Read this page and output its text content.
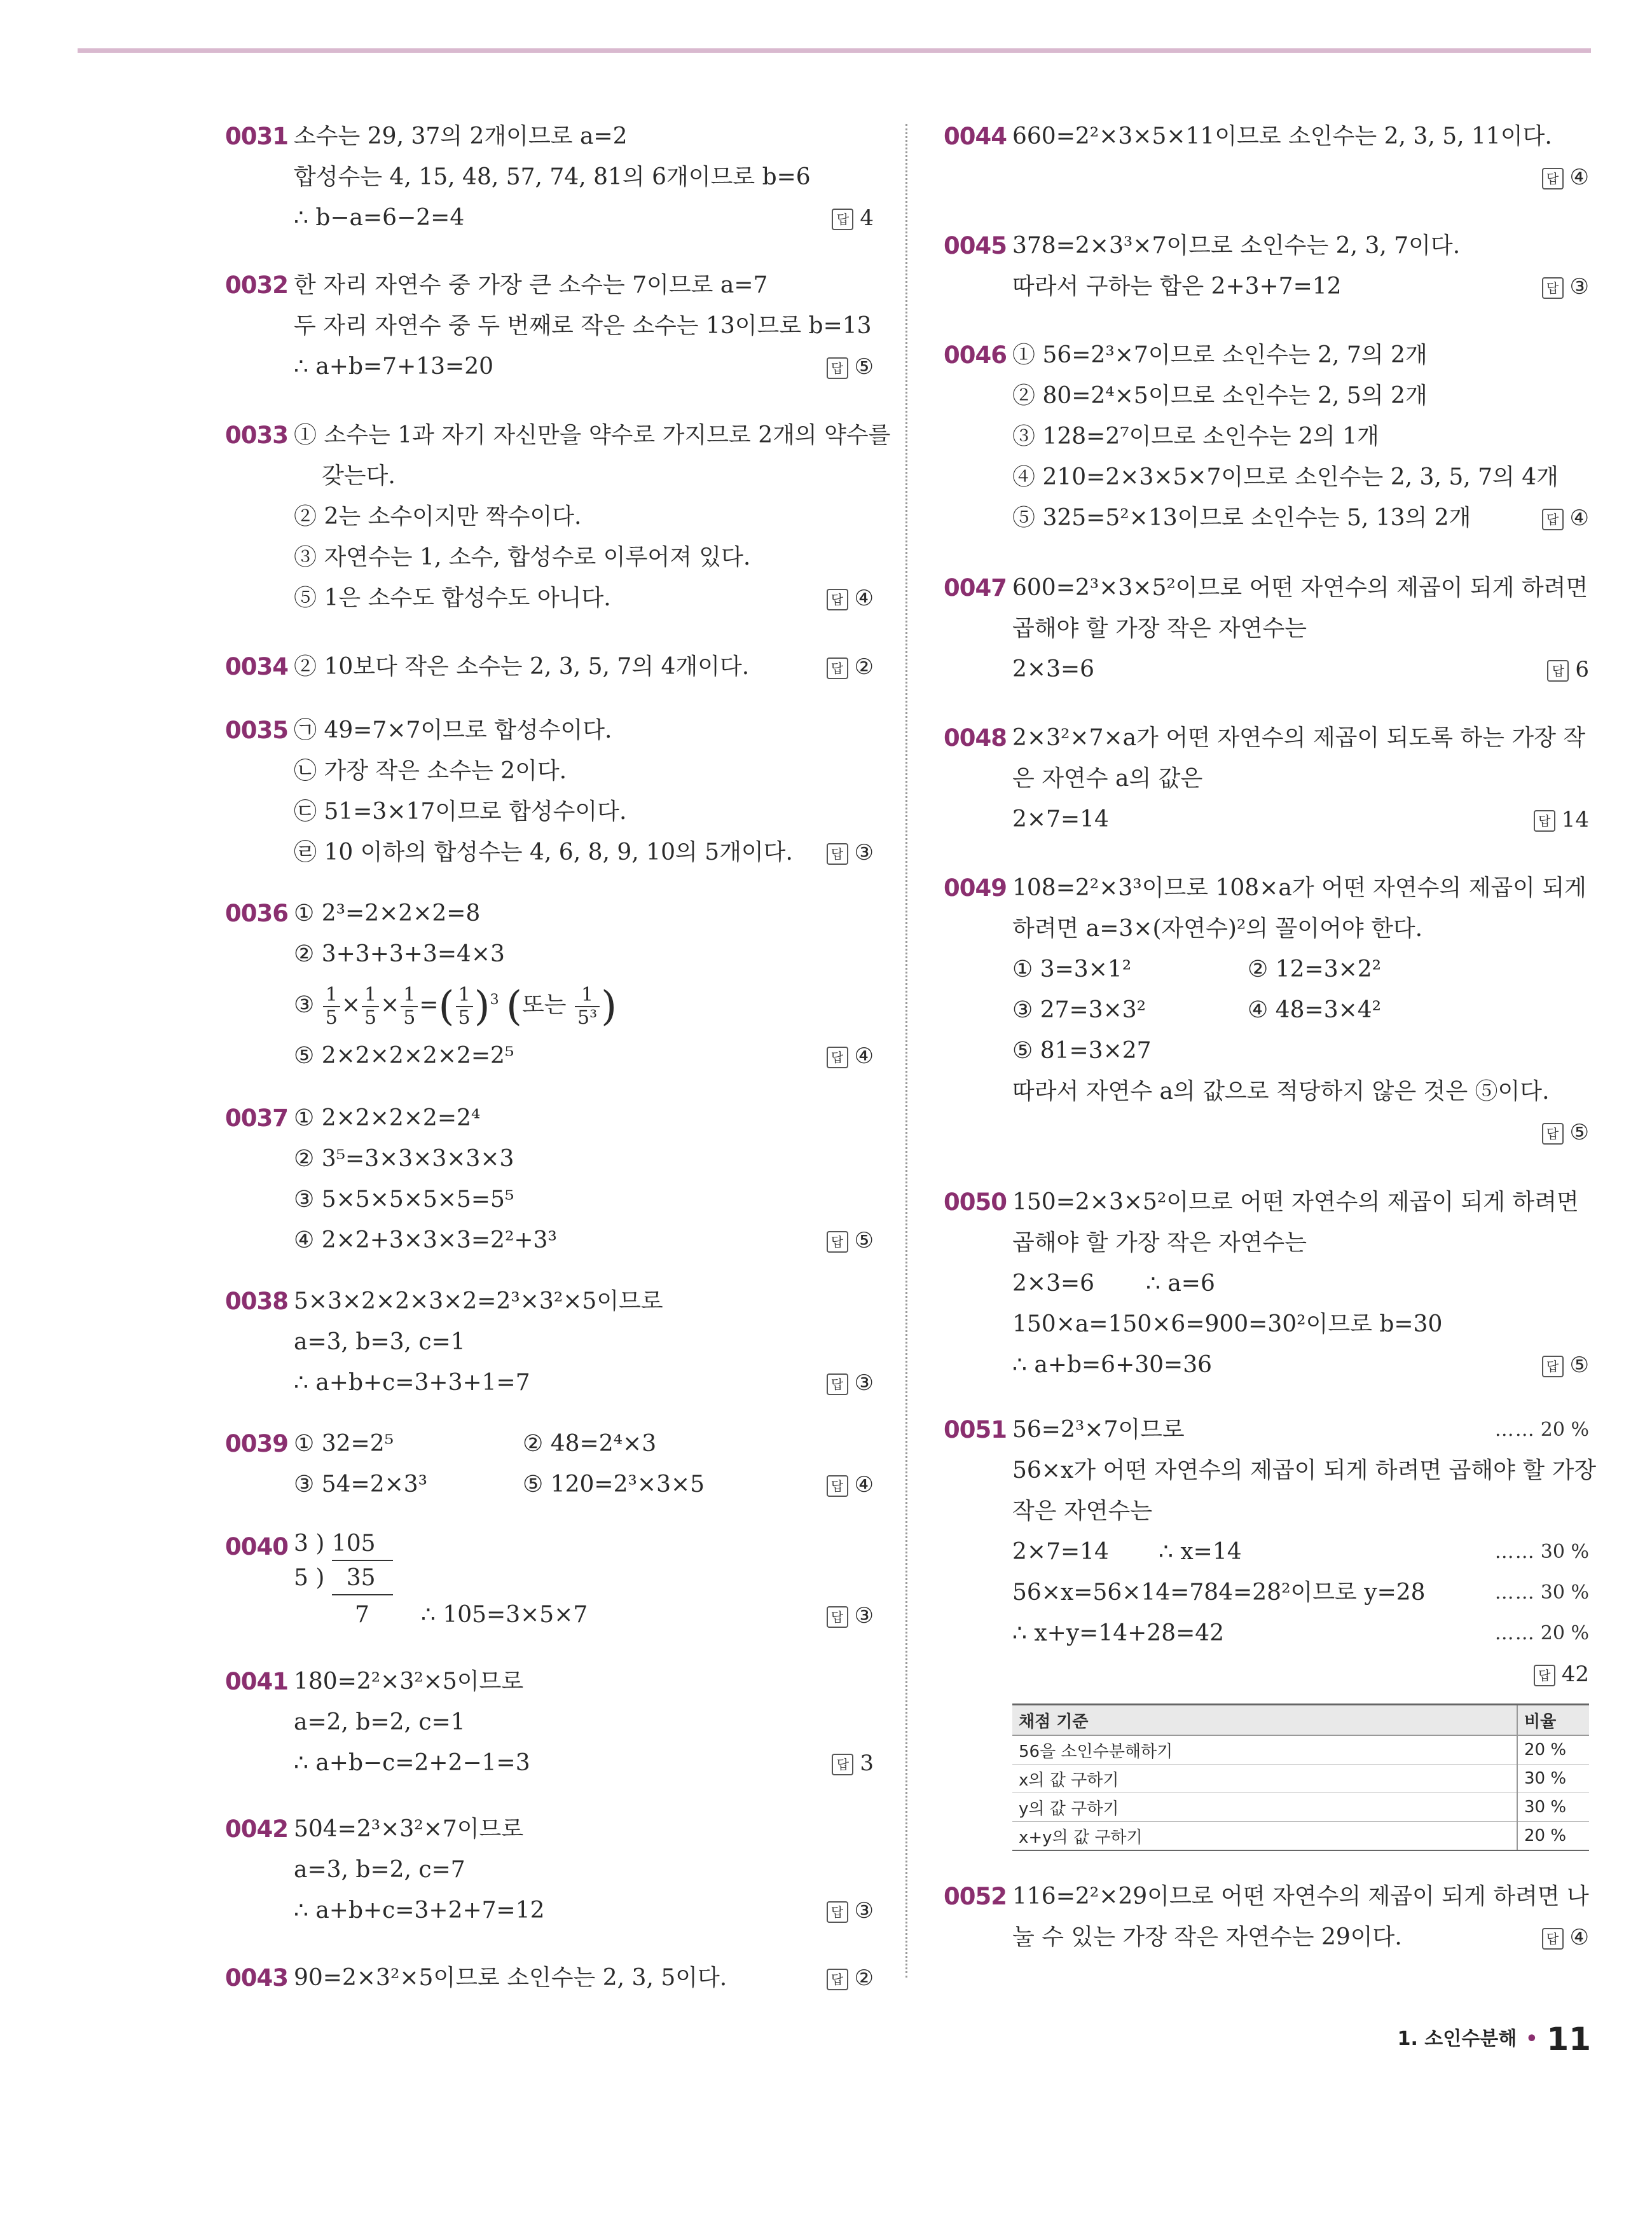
0031 소수는 29, 37의 2개이므로 a=2
합성수는 4, 15, 48, 57, 74, 81의 6개이므로 b=6
∴ b−a=6−2=4	답 4
0032 한 자리 자연수 중 가장 큰 소수는 7이므로 a=7
두 자리 자연수 중 두 번째로 작은 소수는 13이므로 b=13
∴ a+b=7+13=20	답 ⑤
0033 ① 소수는 1과 자기 자신만을 약수로 가지므로 2개의 약수를
갖는다.
② 2는 소수이지만 짝수이다.
③ 자연수는 1, 소수, 합성수로 이루어져 있다.
⑤ 1은 소수도 합성수도 아니다.	답 ④
0034 ② 10보다 작은 소수는 2, 3, 5, 7의 4개이다.	답 ②
0035 ㉠ 49=7×7이므로 합성수이다.
㉡ 가장 작은 소수는 2이다.
㉢ 51=3×17이므로 합성수이다.
㉣ 10 이하의 합성수는 4, 6, 8, 9, 10의 5개이다.	답 ③
0036 ① 2³=2×2×2=8
② 3+3+3+3=4×3
③ $\frac{1}{5} \times \frac{1}{5} \times \frac{1}{5}$ =( $\frac{1}{5} )^3$ (또는 $\frac{1}{\text{5³}}$ )
⑤ 2×2×2×2×2=2⁵	답 ④
0037 ① 2×2×2×2=2⁴
② 3⁵=3×3×3×3×3
③ 5×5×5×5×5=5⁵
④ 2×2+3×3×3=2²+3³	답 ⑤
0038 5×3×2×2×3×2=2³×3²×5이므로
a=3, b=3, c=1
∴ a+b+c=3+3+1=7	답 ③
0039 ① 32=2⁵	② 48=2⁴×3
③ 54=2×3³	⑤ 120=2³×3×5	답 ④
0040 3 ) 105
5 )   35
7 ∴ 105=3×5×7	답 ③
0041 180=2²×3²×5이므로
a=2, b=2, c=1
∴ a+b−c=2+2−1=3	답 3
0042 504=2³×3²×7이므로
a=3, b=2, c=7
∴ a+b+c=3+2+7=12	답 ③
0043 90=2×3²×5이므로 소인수는 2, 3, 5이다.	답 ②
0044 660=2²×3×5×11이므로 소인수는 2, 3, 5, 11이다.
답 ④
0045 378=2×3³×7이므로 소인수는 2, 3, 7이다.
따라서 구하는 합은 2+3+7=12	답 ③
0046 ① 56=2³×7이므로 소인수는 2, 7의 2개
② 80=2⁴×5이므로 소인수는 2, 5의 2개
③ 128=2⁷이므로 소인수는 2의 1개
④ 210=2×3×5×7이므로 소인수는 2, 3, 5, 7의 4개
⑤ 325=5²×13이므로 소인수는 5, 13의 2개	답 ④
0047 600=2³×3×5²이므로 어떤 자연수의 제곱이 되게 하려면
곱해야 할 가장 작은 자연수는
2×3=6	답 6
0048 2×3²×7×a가 어떤 자연수의 제곱이 되도록 하는 가장 작
은 자연수 a의 값은
2×7=14	답 14
0049 108=2²×3³이므로 108×a가 어떤 자연수의 제곱이 되게
하려면 a=3×(자연수)²의 꼴이어야 한다.
① 3=3×1²	② 12=3×2²
③ 27=3×3²	④ 48=3×4²
⑤ 81=3×27
따라서 자연수 a의 값으로 적당하지 않은 것은 ⑤이다.
답 ⑤
0050 150=2×3×5²이므로 어떤 자연수의 제곱이 되게 하려면
곱해야 할 가장 작은 자연수는
2×3=6 ∴ a=6
150×a=150×6=900=30²이므로 b=30
∴ a+b=6+30=36	답 ⑤
0051 56=2³×7이므로	…… 20 %
56×x가 어떤 자연수의 제곱이 되게 하려면 곱해야 할 가장
작은 자연수는
2×7=14 ∴ x=14	…… 30 %
56×x=56×14=784=28²이므로 y=28	…… 30 %
∴ x+y=14+28=42	…… 20 %
답 42
채점 기준	비율
56을 소인수분해하기	20 %
x의 값 구하기	30 %
y의 값 구하기	30 %
x+y의 값 구하기	20 %
0052 116=2²×29이므로 어떤 자연수의 제곱이 되게 하려면 나
눌 수 있는 가장 작은 자연수는 29이다.	답 ④
1. 소인수분해 • 11
